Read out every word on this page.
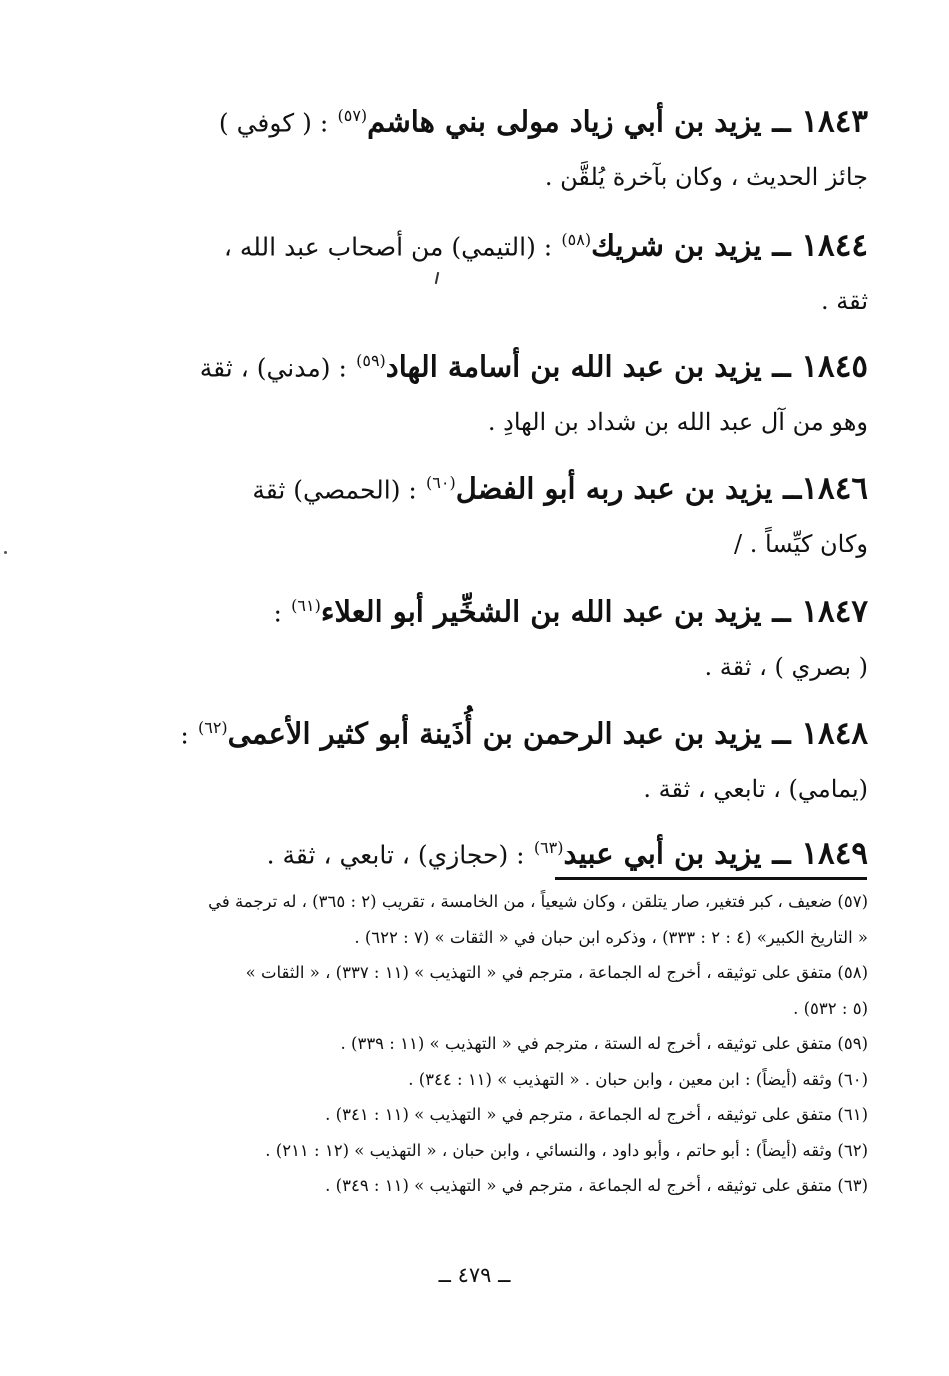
١٨٤٣ ــ يزيد بن أبي زياد مولى بني هاشم$^{(٥٧)}$ : ( كوفي )
جائز الحديث ، وكان بآخرة يُلقَّن .
١٨٤٤ ــ يزيد بن شريك$^{(٥٨)}$ : (التيمي) من أصحاب عبد الله ،
ثقة .
١٨٤٥ ــ يزيد بن عبد الله بن أسامة الهاد$^{(٥٩)}$ : (مدني) ، ثقة
وهو من آل عبد الله بن شداد بن الهادِ .
١٨٤٦ــ يزيد بن عبد ربه أبو الفضل$^{(٦٠)}$ : (الحمصي) ثقة
وكان كيِّساً . /
١٨٤٧ ــ يزيد بن عبد الله بن الشخِّير أبو العلاء$^{(٦١)}$ :
( بصري ) ، ثقة .
١٨٤٨ ــ يزيد بن عبد الرحمن بن أُذَينة أبو كثير الأعمى$^{(٦٢)}$ :
(يمامي) ، تابعي ، ثقة .
١٨٤٩ ــ يزيد بن أبي عبيد$^{(٦٣)}$ : (حجازي) ، تابعي ، ثقة .
(٥٧) ضعيف ، كبر فتغير، صار يتلقن ، وكان شيعياً ، من الخامسة ، تقريب (٢ : ٣٦٥) ، له ترجمة في
« التاريخ الكبير» (٤ : ٢ : ٣٣٣) ، وذكره ابن حبان في « الثقات » (٧ : ٦٢٢) .
(٥٨) متفق على توثيقه ، أخرج له الجماعة ، مترجم في « التهذيب » (١١ : ٣٣٧) ، « الثقات »
(٥ : ٥٣٢) .
(٥٩) متفق على توثيقه ، أخرج له الستة ، مترجم في « التهذيب » (١١ : ٣٣٩) .
(٦٠) وثقه (أيضاً) : ابن معين ، وابن حبان . « التهذيب » (١١ : ٣٤٤) .
(٦١) متفق على توثيقه ، أخرج له الجماعة ، مترجم في « التهذيب » (١١ : ٣٤١) .
(٦٢) وثقه (أيضاً) : أبو حاتم ، وأبو داود ، والنسائي ، وابن حبان ، « التهذيب » (١٢ : ٢١١) .
(٦٣) متفق على توثيقه ، أخرج له الجماعة ، مترجم في « التهذيب » (١١ : ٣٤٩) .
ــ ٤٧٩ ــ
